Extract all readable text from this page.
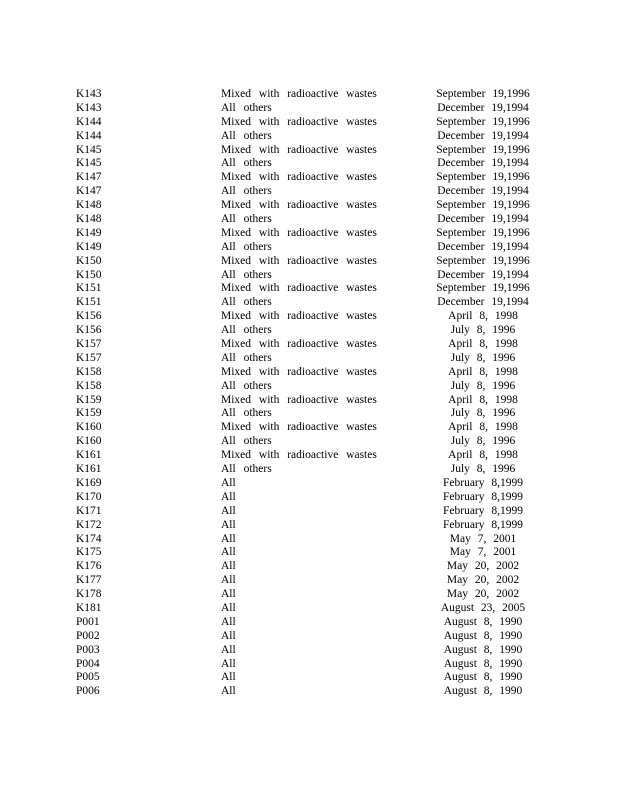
K143	Mixed with radioactive wastes	September 19,1996
K143	All others	December 19,1994
K144	Mixed with radioactive wastes	September 19,1996
K144	All others	December 19,1994
K145	Mixed with radioactive wastes	September 19,1996
K145	All others	December 19,1994
K147	Mixed with radioactive wastes	September 19,1996
K147	All others	December 19,1994
K148	Mixed with radioactive wastes	September 19,1996
K148	All others	December 19,1994
K149	Mixed with radioactive wastes	September 19,1996
K149	All others	December 19,1994
K150	Mixed with radioactive wastes	September 19,1996
K150	All others	December 19,1994
K151	Mixed with radioactive wastes	September 19,1996
K151	All others	December 19,1994
K156	Mixed with radioactive wastes	April 8, 1998
K156	All others	July 8, 1996
K157	Mixed with radioactive wastes	April 8, 1998
K157	All others	July 8, 1996
K158	Mixed with radioactive wastes	April 8, 1998
K158	All others	July 8, 1996
K159	Mixed with radioactive wastes	April 8, 1998
K159	All others	July 8, 1996
K160	Mixed with radioactive wastes	April 8, 1998
K160	All others	July 8, 1996
K161	Mixed with radioactive wastes	April 8, 1998
K161	All others	July 8, 1996
K169	All	February 8,1999
K170	All	February 8,1999
K171	All	February 8,1999
K172	All	February 8,1999
K174	All	May 7, 2001
K175	All	May 7, 2001
K176	All	May 20, 2002
K177	All	May 20, 2002
K178	All	May 20, 2002
K181	All	August 23, 2005
P001	All	August 8, 1990
P002	All	August 8, 1990
P003	All	August 8, 1990
P004	All	August 8, 1990
P005	All	August 8, 1990
P006	All	August 8, 1990
